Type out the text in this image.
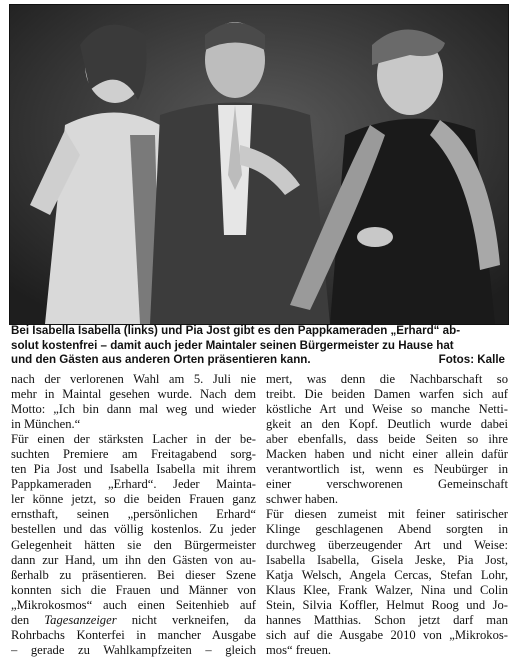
Bei Isabella Isabella (links) und Pia Jost gibt es den Pappkameraden „Erhard“ ab-
solut kostenfrei – damit auch jeder Maintaler seinen Bürgermeister zu Hause hat
und den Gästen aus anderen Orten präsentieren kann.	Fotos: Kalle
nach der verlorenen Wahl am 5. Juli nie
mehr in Maintal gesehen wurde. Nach dem
Motto: „Ich bin dann mal weg und wieder
in München.“
Für einen der stärksten Lacher in der be-
suchten Premiere am Freitagabend sorg-
ten Pia Jost und Isabella Isabella mit ihrem
Pappkameraden „Erhard“. Jeder Mainta-
ler könne jetzt, so die beiden Frauen ganz
ernsthaft, seinen „persönlichen Erhard“
bestellen und das völlig kostenlos. Zu jeder
Gelegenheit hätten sie den Bürgermeister
dann zur Hand, um ihn den Gästen von au-
ßerhalb zu präsentieren. Bei dieser Szene
konnten sich die Frauen und Männer von
„Mikrokosmos“ auch einen Seitenhieb auf
den Tagesanzeiger nicht verkneifen, da
Rohrbachs Konterfei in mancher Ausgabe
– gerade zu Wahlkampfzeiten – gleich
mert, was denn die Nachbarschaft so
treibt. Die beiden Damen warfen sich auf
köstliche Art und Weise so manche Netti-
gkeit an den Kopf. Deutlich wurde dabei
aber ebenfalls, dass beide Seiten so ihre
Macken haben und nicht einer allein dafür
verantwortlich ist, wenn es Neubürger in
einer verschworenen Gemeinschaft
schwer haben.
Für diesen zumeist mit feiner satirischer
Klinge geschlagenen Abend sorgten in
durchweg überzeugender Art und Weise:
Isabella Isabella, Gisela Jeske, Pia Jost,
Katja Welsch, Angela Cercas, Stefan Lohr,
Klaus Klee, Frank Walzer, Nina und Colin
Stein, Silvia Koffler, Helmut Roog und Jo-
hannes Matthias. Schon jetzt darf man
sich auf die Ausgabe 2010 von „Mikrokos-
mos“ freuen.
